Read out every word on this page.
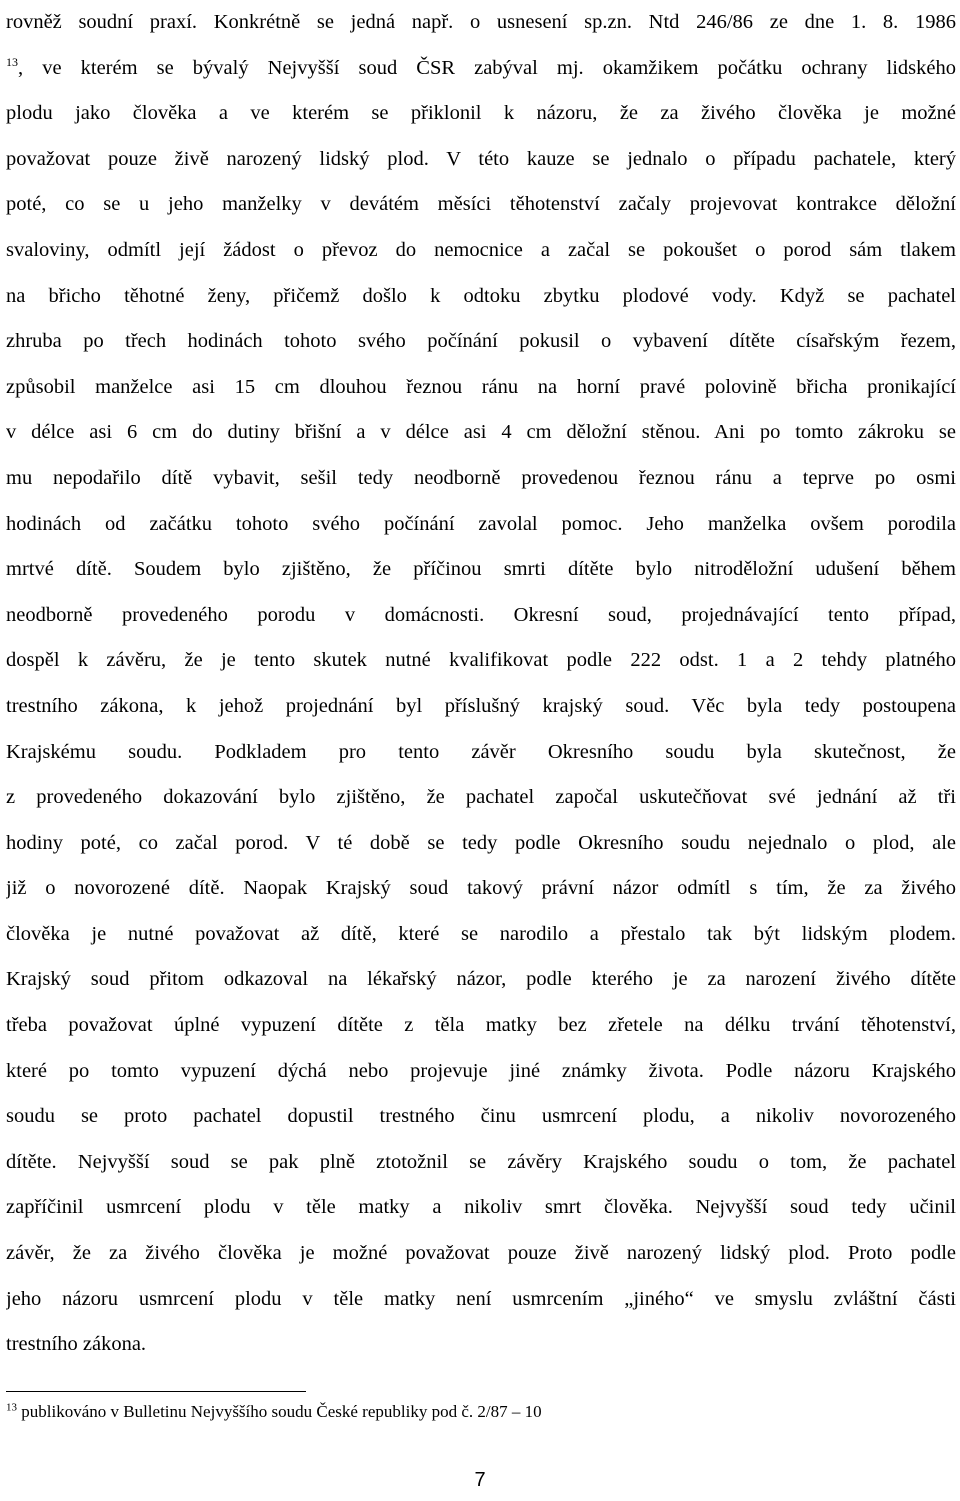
rovněž soudní praxí. Konkrétně se jedná např. o usnesení sp.zn. Ntd 246/86 ze dne 1. 8. 1986
$^{13}$, ve kterém se bývalý Nejvyšší soud ČSR zabýval mj. okamžikem počátku ochrany lidského
plodu jako člověka a ve kterém se přiklonil k názoru, že za živého člověka je možné
považovat pouze živě narozený lidský plod. V této kauze se jednalo o případu pachatele, který
poté, co se u jeho manželky v devátém měsíci těhotenství začaly projevovat kontrakce děložní
svaloviny, odmítl její žádost o převoz do nemocnice a začal se pokoušet o porod sám tlakem
na břicho těhotné ženy, přičemž došlo k odtoku zbytku plodové vody. Když se pachatel
zhruba po třech hodinách tohoto svého počínání pokusil o vybavení dítěte císařským řezem,
způsobil manželce asi 15 cm dlouhou řeznou ránu na horní pravé polovině břicha pronikající
v délce asi 6 cm do dutiny břišní a v délce asi 4 cm děložní stěnou. Ani po tomto zákroku se
mu nepodařilo dítě vybavit, sešil tedy neodborně provedenou řeznou ránu a teprve po osmi
hodinách od začátku tohoto svého počínání zavolal pomoc. Jeho manželka ovšem porodila
mrtvé dítě. Soudem bylo zjištěno, že příčinou smrti dítěte bylo nitroděložní udušení během
neodborně provedeného porodu v domácnosti. Okresní soud, projednávající tento případ,
dospěl k závěru, že je tento skutek nutné kvalifikovat podle 222 odst. 1 a 2 tehdy platného
trestního zákona, k jehož projednání byl příslušný krajský soud. Věc byla tedy postoupena
Krajskému soudu. Podkladem pro tento závěr Okresního soudu byla skutečnost, že
z provedeného dokazování bylo zjištěno, že pachatel započal uskutečňovat své jednání až tři
hodiny poté, co začal porod. V té době se tedy podle Okresního soudu nejednalo o plod, ale
již o novorozené dítě. Naopak Krajský soud takový právní názor odmítl s tím, že za živého
člověka je nutné považovat až dítě, které se narodilo a přestalo tak být lidským plodem.
Krajský soud přitom odkazoval na lékařský názor, podle kterého je za narození živého dítěte
třeba považovat úplné vypuzení dítěte z těla matky bez zřetele na délku trvání těhotenství,
které po tomto vypuzení dýchá nebo projevuje jiné známky života. Podle názoru Krajského
soudu se proto pachatel dopustil trestného činu usmrcení plodu, a nikoliv novorozeného
dítěte. Nejvyšší soud se pak plně ztotožnil se závěry Krajského soudu o tom, že pachatel
zapříčinil usmrcení plodu v těle matky a nikoliv smrt člověka. Nejvyšší soud tedy učinil
závěr, že za živého člověka je možné považovat pouze živě narozený lidský plod. Proto podle
jeho názoru usmrcení plodu v těle matky není usmrcením „jiného“ ve smyslu zvláštní části
trestního zákona.
$^{13}$ publikováno v Bulletinu Nejvyššího soudu České republiky pod č. 2/87 – 10
7
